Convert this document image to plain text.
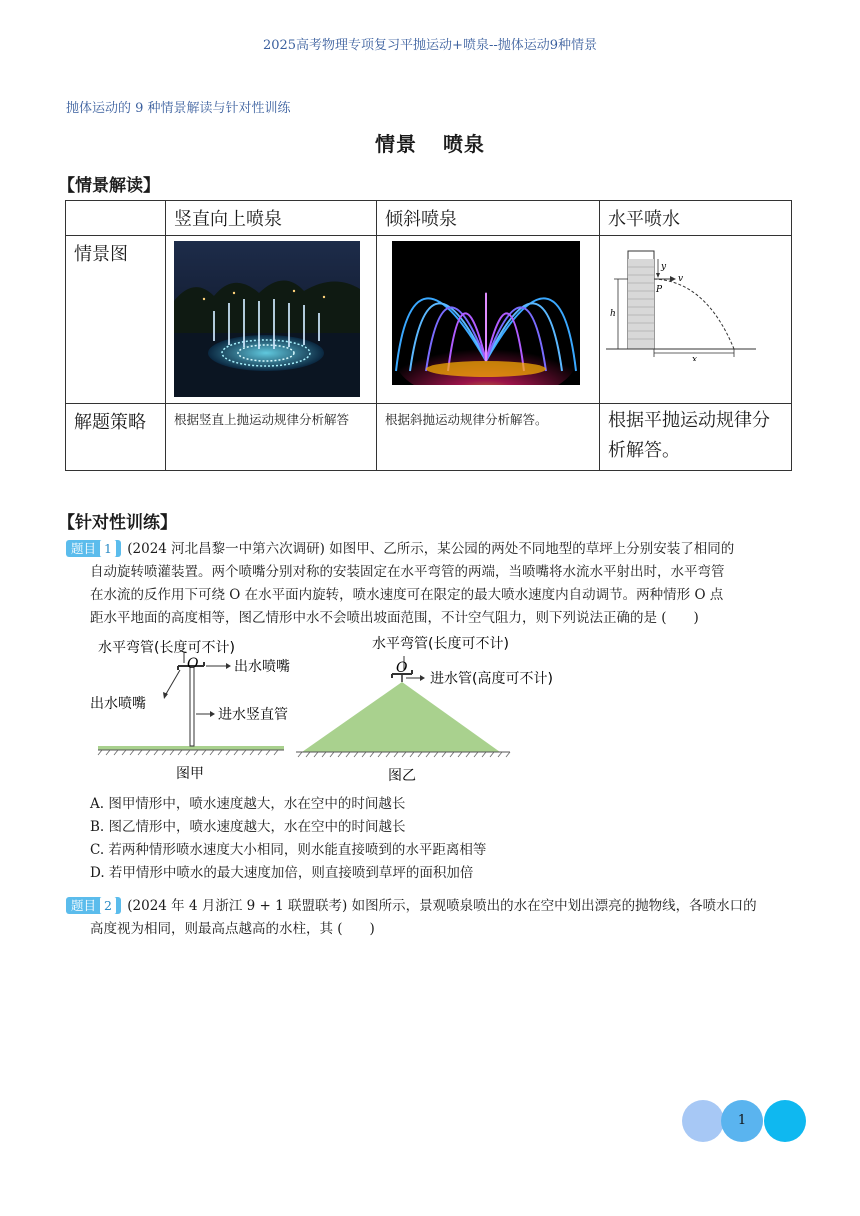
2025高考物理专项复习平抛运动+喷泉--抛体运动9种情景
抛体运动的 9 种情景解读与针对性训练
情景 喷泉
【情景解读】
	竖直向上喷泉	倾斜喷泉	水平喷水
情景图			y
v
P
h
x

解题策略	根据竖直上抛运动规律分析解答	根据斜抛运动规律分析解答。	根据平抛运动规律分析解答。
【针对性训练】
题目 1 (2024 河北昌黎一中第六次调研) 如图甲、乙所示，某公园的两处不同地型的草坪上分别安装了相同的
自动旋转喷灌装置。两个喷嘴分别对称的安装固定在水平弯管的两端，当喷嘴将水流水平射出时，水平弯管
在水流的反作用下可绕 O 在水平面内旋转，喷水速度可在限定的最大喷水速度内自动调节。两种情形 O 点
距水平地面的高度相等，图乙情形中水不会喷出坡面范围，不计空气阻力，则下列说法正确的是 (　　)
水平弯管(长度可不计)
O	出水喷嘴
出水喷嘴
进水竖直管
图甲
水平弯管(长度可不计)
O
进水管(高度可不计)
图乙
A. 图甲情形中，喷水速度越大，水在空中的时间越长
B. 图乙情形中，喷水速度越大，水在空中的时间越长
C. 若两种情形喷水速度大小相同，则水能直接喷到的水平距离相等
D. 若甲情形中喷水的最大速度加倍，则直接喷到草坪的面积加倍
题目 2 (2024 年 4 月浙江 9 + 1 联盟联考) 如图所示，景观喷泉喷出的水在空中划出漂亮的抛物线，各喷水口的
高度视为相同，则最高点越高的水柱，其 (　　)
1
